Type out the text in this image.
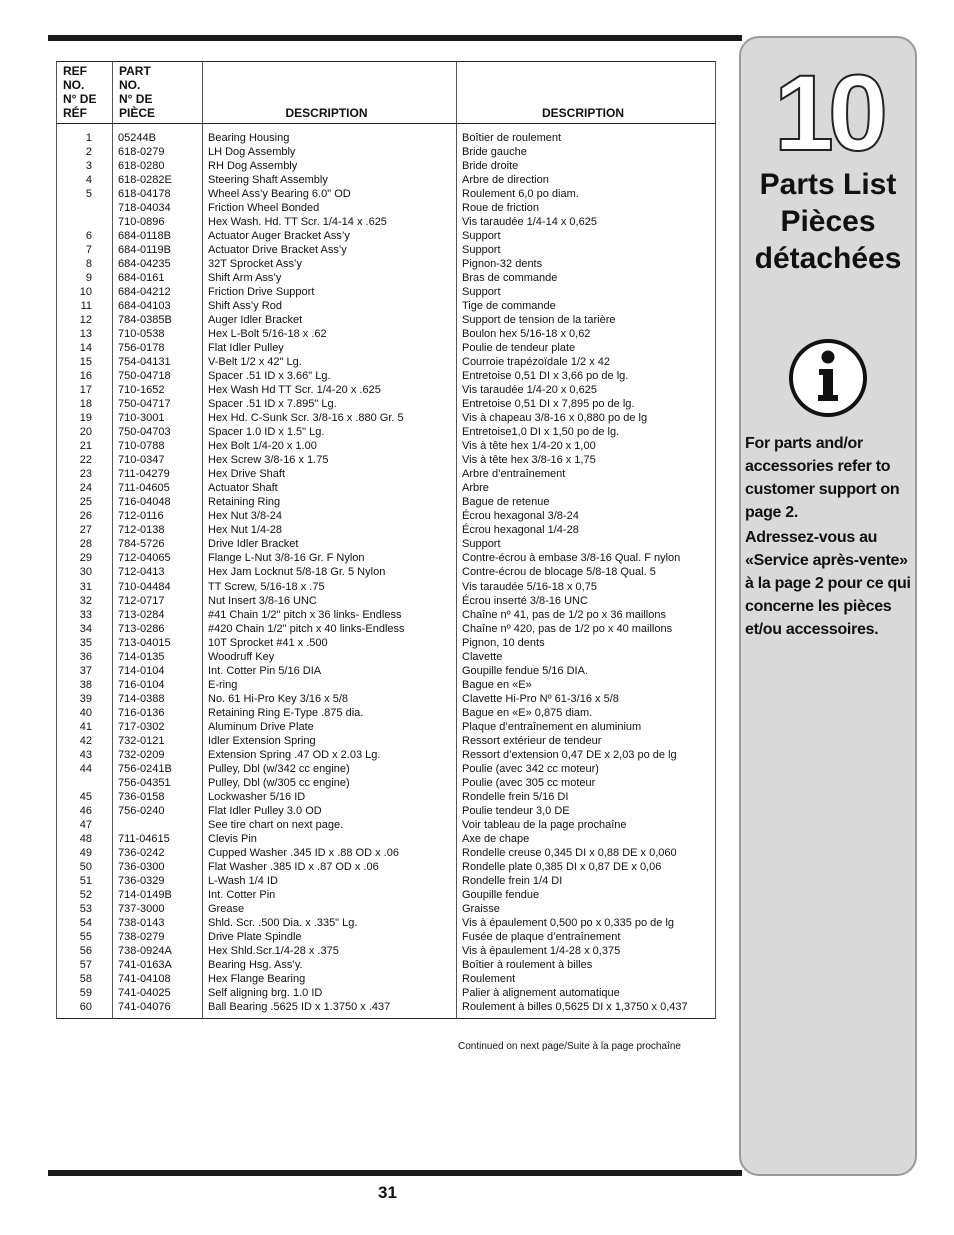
REF
NO.
N° DE
RÉF	PART
NO.
N° DE
PIÈCE	DESCRIPTION	DESCRIPTION
1	05244B	Bearing Housing	Boîtier de roulement
2	618-0279	LH Dog Assembly	Bride gauche
3	618-0280	RH Dog Assembly	Bride droite
4	618-0282E	Steering Shaft Assembly	Arbre de direction
5	618-04178	Wheel Ass’y Bearing 6.0" OD	Roulement 6,0 po diam.
	718-04034	Friction Wheel Bonded	Roue de friction
	710-0896	Hex Wash. Hd. TT Scr. 1/4-14 x .625	Vis taraudée 1/4-14 x 0,625
6	684-0118B	Actuator Auger Bracket Ass’y	Support
7	684-0119B	Actuator Drive Bracket Ass’y	Support
8	684-04235	32T Sprocket Ass’y	Pignon-32 dents
9	684-0161	Shift Arm Ass’y	Bras de commande
10	684-04212	Friction Drive Support	Support
11	684-04103	Shift Ass’y Rod	Tige de commande
12	784-0385B	Auger Idler Bracket	Support de tension de la tarière
13	710-0538	Hex L-Bolt 5/16-18 x .62	Boulon hex 5/16-18 x 0,62
14	756-0178	Flat Idler Pulley	Poulie de tendeur plate
15	754-04131	V-Belt 1/2 x 42" Lg.	Courroie trapézoïdale 1/2 x 42
16	750-04718	Spacer .51 ID x 3.66" Lg.	Entretoise 0,51 DI x 3,66 po de lg.
17	710-1652	Hex Wash Hd TT Scr. 1/4-20 x .625	Vis taraudée 1/4-20 x 0,625
18	750-04717	Spacer .51 ID x 7.895" Lg.	Entretoise 0,51 DI x 7,895 po de lg.
19	710-3001	Hex Hd. C-Sunk Scr. 3/8-16 x .880 Gr. 5	Vis à chapeau 3/8-16 x 0,880 po de lg
20	750-04703	Spacer 1.0 ID x 1.5" Lg.	Entretoise1,0 DI x 1,50 po de lg.
21	710-0788	Hex Bolt 1/4-20 x 1.00	Vis à tête hex 1/4-20 x 1,00
22	710-0347	Hex Screw 3/8-16 x 1.75	Vis à tête hex 3/8-16 x 1,75
23	711-04279	Hex Drive Shaft	Arbre d’entraînement
24	711-04605	Actuator Shaft	Arbre
25	716-04048	Retaining Ring	Bague de retenue
26	712-0116	Hex Nut 3/8-24	Écrou hexagonal 3/8-24
27	712-0138	Hex Nut 1/4-28	Écrou hexagonal 1/4-28
28	784-5726	Drive Idler Bracket	Support
29	712-04065	Flange L-Nut 3/8-16 Gr. F Nylon	Contre-écrou à embase 3/8-16 Qual. F nylon
30	712-0413	Hex Jam Locknut 5/8-18 Gr. 5 Nylon	Contre-écrou de blocage 5/8-18 Qual. 5
31	710-04484	TT Screw, 5/16-18 x .75	Vis taraudée 5/16-18 x 0,75
32	712-0717	Nut Insert 3/8-16 UNC	Écrou inserté 3/8-16 UNC
33	713-0284	#41 Chain 1/2" pitch x 36 links- Endless	Chaîne nº 41, pas de 1/2 po x 36 maillons
34	713-0286	#420 Chain 1/2" pitch x 40 links-Endless	Chaîne nº 420, pas de 1/2 po x 40 maillons
35	713-04015	10T Sprocket #41 x .500	Pignon, 10 dents
36	714-0135	Woodruff Key	Clavette
37	714-0104	Int. Cotter Pin 5/16 DIA	Goupille fendue 5/16 DIA.
38	716-0104	E-ring	Bague en «E»
39	714-0388	No. 61 Hi-Pro Key 3/16 x 5/8	Clavette Hi-Pro Nº 61-3/16 x 5/8
40	716-0136	Retaining Ring E-Type .875 dia.	Bague en «E» 0,875 diam.
41	717-0302	Aluminum Drive Plate	Plaque d’entraînement en aluminium
42	732-0121	Idler Extension Spring	Ressort extérieur de tendeur
43	732-0209	Extension Spring .47 OD x 2.03 Lg.	Ressort d’extension 0,47 DE x 2,03 po de lg
44	756-0241B	Pulley, Dbl (w/342 cc engine)	Poulie (avec 342 cc moteur)
	756-04351	Pulley, Dbl (w/305 cc engine)	Poulie (avec 305 cc moteur
45	736-0158	Lockwasher 5/16 ID	Rondelle frein 5/16 DI
46	756-0240	Flat Idler Pulley 3.0 OD	Poulie tendeur 3,0 DE
47		See tire chart on next page.	Voir tableau de la page prochaîne
48	711-04615	Clevis Pin	Axe de chape
49	736-0242	Cupped Washer .345 ID x .88 OD x .06	Rondelle creuse 0,345 DI x 0,88 DE x 0,060
50	736-0300	Flat Washer .385 ID x .87 OD x .06	Rondelle plate 0,385 DI x 0,87 DE x 0,06
51	736-0329	L-Wash 1/4 ID	Rondelle frein 1/4 DI
52	714-0149B	Int. Cotter Pin	Goupille fendue
53	737-3000	Grease	Graisse
54	738-0143	Shld. Scr. .500 Dia. x .335" Lg.	Vis à épaulement 0,500 po x 0,335 po de lg
55	738-0279	Drive Plate Spindle	Fusée de plaque d’entraînement
56	738-0924A	Hex Shld.Scr.1/4-28 x .375	Vis à épaulement 1/4-28 x 0,375
57	741-0163A	Bearing Hsg. Ass’y.	Boîtier à roulement à billes
58	741-04108	Hex Flange Bearing	Roulement
59	741-04025	Self aligning brg. 1.0 ID	Palier à alignement automatique
60	741-04076	Ball Bearing .5625 ID x 1.3750 x .437	Roulement à billes 0,5625 DI x 1,3750 x 0,437
Continued on next page/Suite à la page prochaîne
31
10
Parts List
Pièces
détachées

For parts and/or accessories refer to customer support on page 2.

Adressez-vous au «Service après-vente» à la page 2 pour ce qui concerne les pièces et/ou accessoires.
